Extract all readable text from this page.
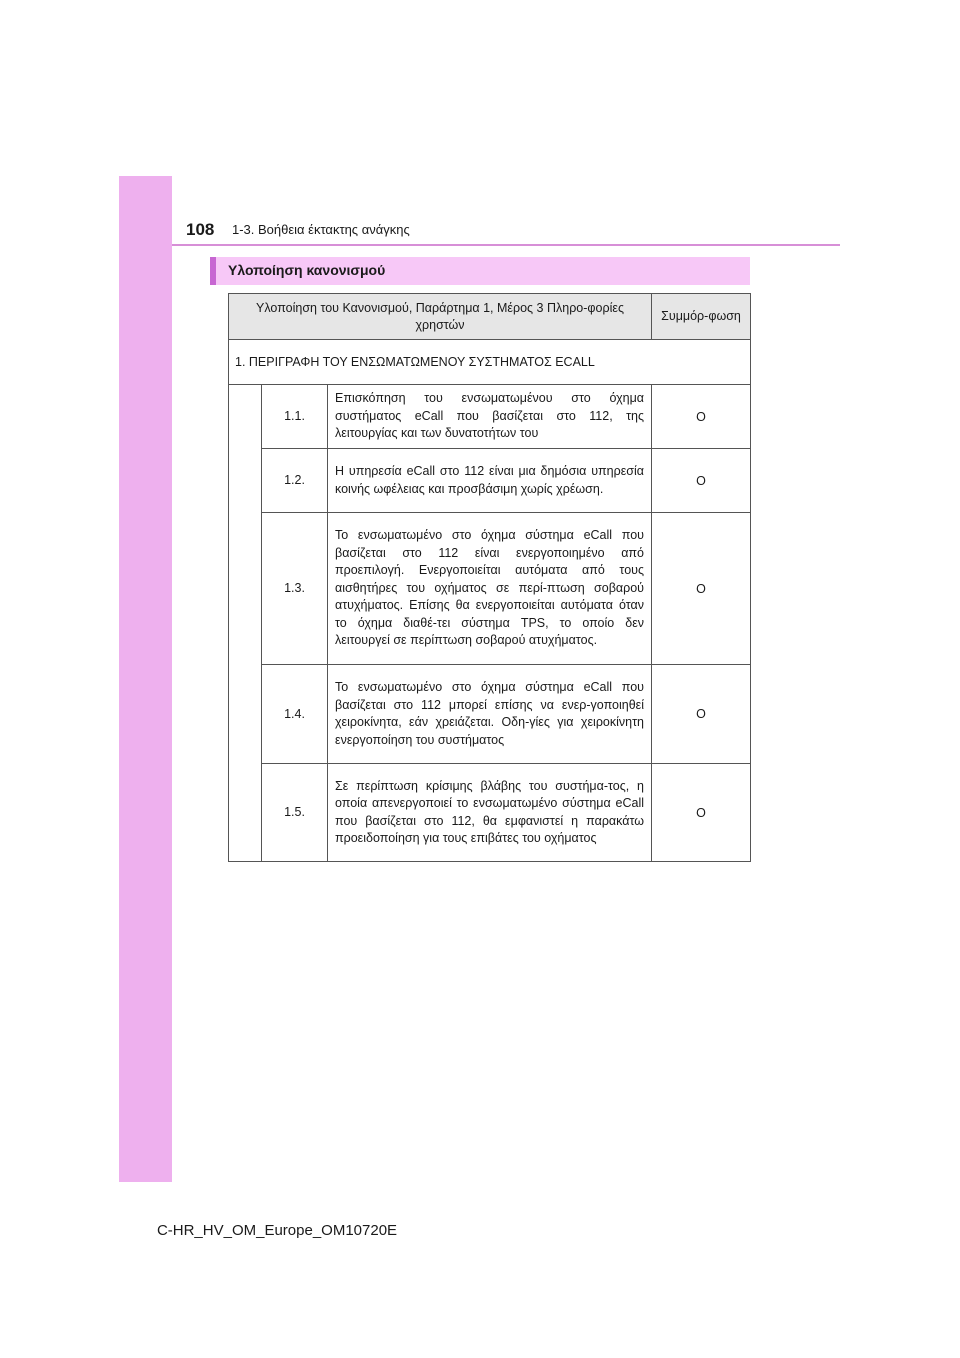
108 1-3. Βοήθεια έκτακτης ανάγκης
Υλοποίηση κανονισμού
Υλοποίηση του Κανονισμού, Παράρτημα 1, Μέρος 3 Πληρο-φορίες χρηστών			Συμμόρ-φωση
1. ΠΕΡΙΓΡΑΦΗ ΤΟΥ ΕΝΣΩΜΑΤΩΜΕΝΟΥ ΣΥΣΤΗΜΑΤΟΣ ECALL			
	1.1.	Επισκόπηση του ενσωματωμένου στο όχημα συστήματος eCall που βασίζεται στο 112, της λειτουργίας και των δυνατοτήτων του	O
	1.2.	Η υπηρεσία eCall στο 112 είναι μια δημόσια υπηρεσία κοινής ωφέλειας και προσβάσιμη χωρίς χρέωση.	O
	1.3.	Το ενσωματωμένο στο όχημα σύστημα eCall που βασίζεται στο 112 είναι ενεργοποιημένο από προεπιλογή. Ενεργοποιείται αυτόματα από τους αισθητήρες του οχήματος σε περί-πτωση σοβαρού ατυχήματος. Επίσης θα ενεργοποιείται αυτόματα όταν το όχημα διαθέ-τει σύστημα TPS, το οποίο δεν λειτουργεί σε περίπτωση σοβαρού ατυχήματος.	O
	1.4.	Το ενσωματωμένο στο όχημα σύστημα eCall που βασίζεται στο 112 μπορεί επίσης να ενερ-γοποιηθεί χειροκίνητα, εάν χρειάζεται. Οδη-γίες για χειροκίνητη ενεργοποίηση του συστήματος	O
	1.5.	Σε περίπτωση κρίσιμης βλάβης του συστήμα-τος, η οποία απενεργοποιεί το ενσωματωμένο σύστημα eCall που βασίζεται στο 112, θα εμφανιστεί η παρακάτω προειδοποίηση για τους επιβάτες του οχήματος	O
C-HR_HV_OM_Europe_OM10720E
